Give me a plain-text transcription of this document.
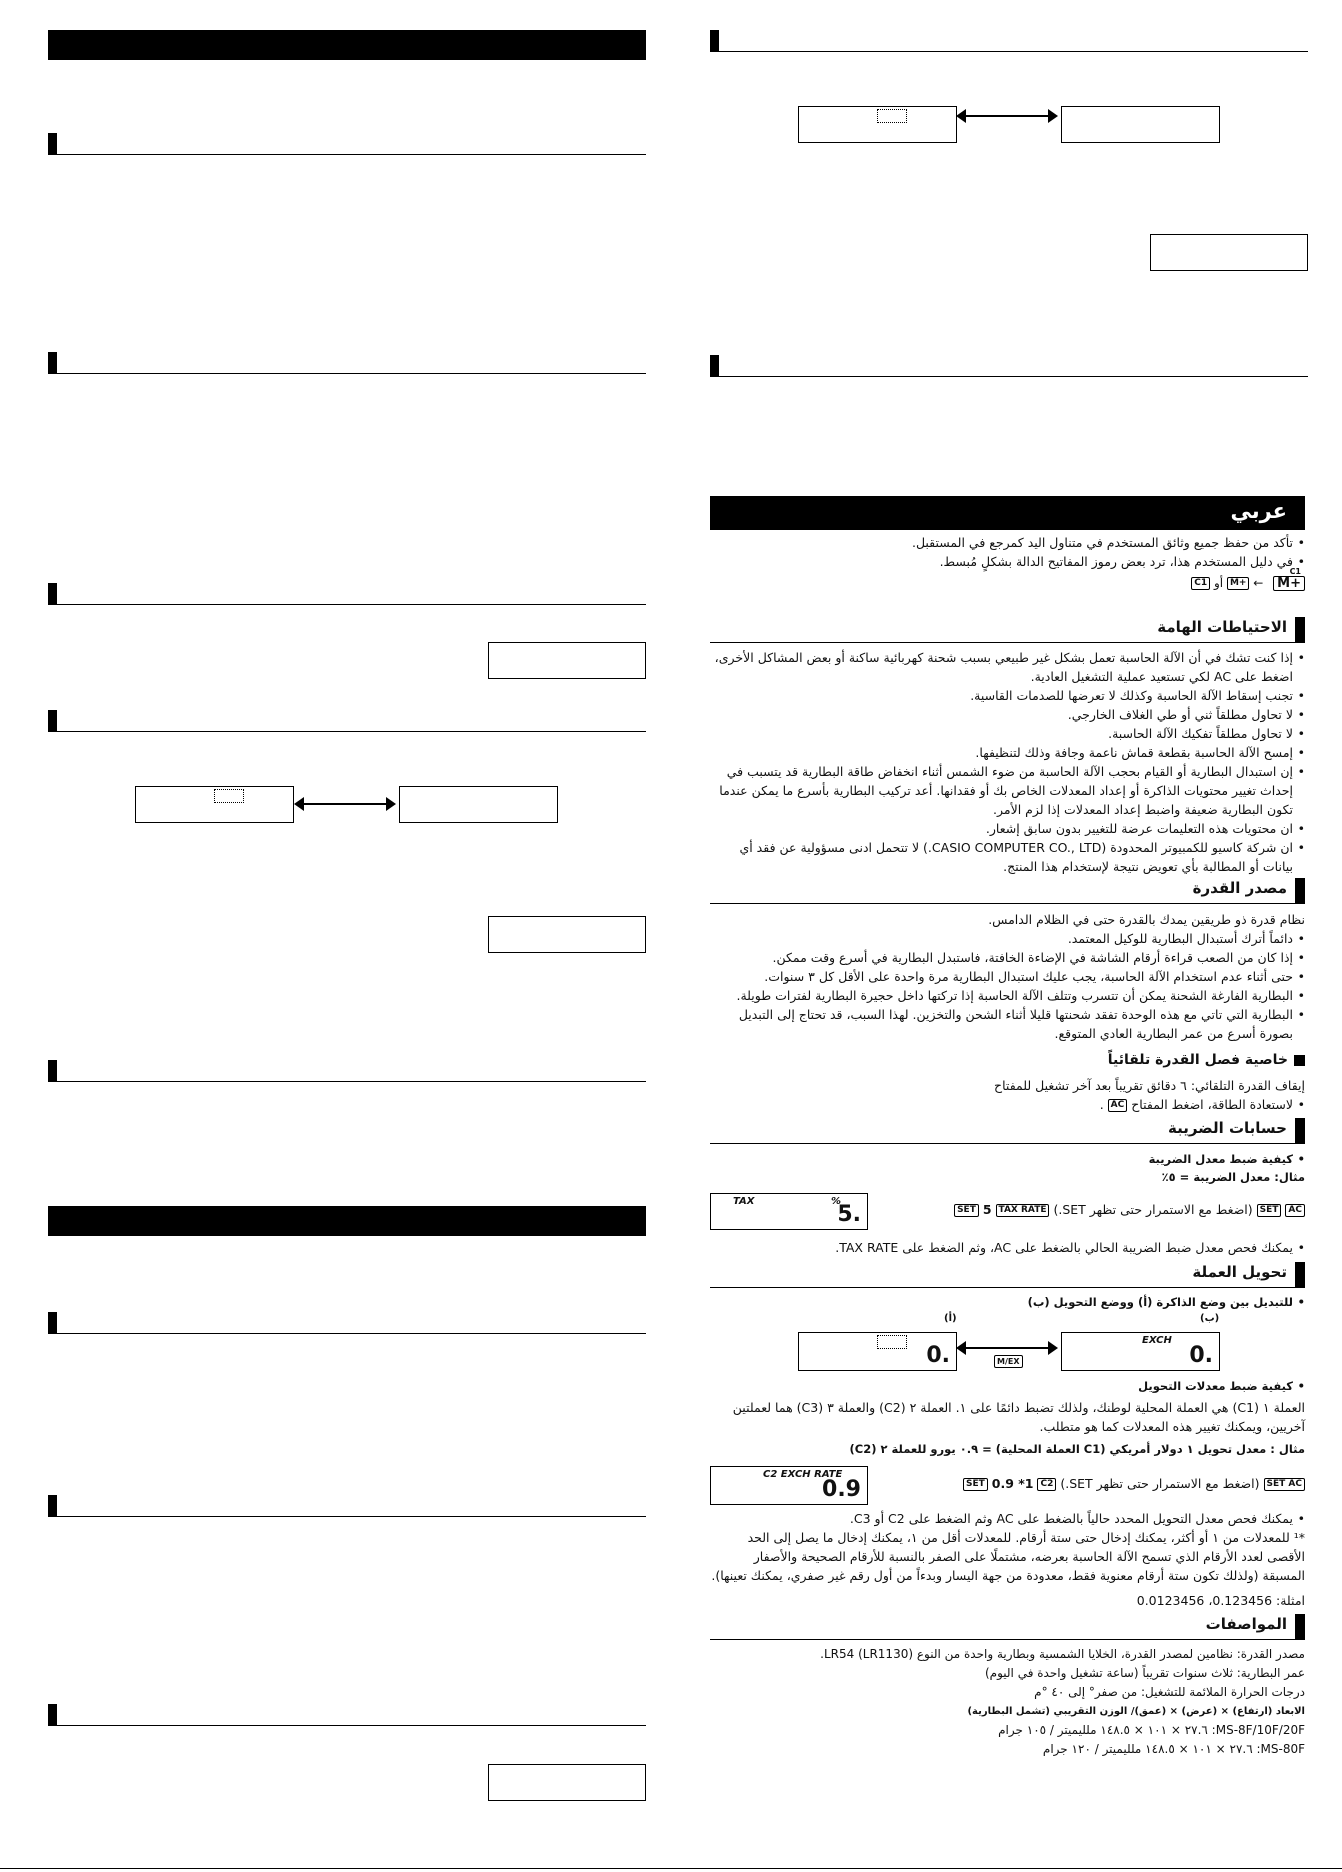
عربي
• تأكد من حفظ جميع وثائق المستخدم في متناول اليد كمرجع في المستقبل.
• في دليل المستخدم هذا، ترد بعض رموز المفاتيح الدالة بشكلٍ مُبسط.
C1
M+ ← M+ أو C1
الاحتياطات الهامة
• إذا كنت تشك في أن الآلة الحاسبة تعمل بشكل غير طبيعي بسبب شحنة كهربائية ساكنة أو بعض المشاكل الأخرى، اضغط على AC لكي تستعيد عملية التشغيل العادية.
• تجنب إسقاط الآلة الحاسبة وكذلك لا تعرضها للصدمات القاسية.
• لا تحاول مطلقاً ثني أو طي الغلاف الخارجي.
• لا تحاول مطلقاً تفكيك الآلة الحاسبة.
• إمسح الآلة الحاسبة بقطعة قماش ناعمة وجافة وذلك لتنظيفها.
• إن استبدال البطارية أو القيام بحجب الآلة الحاسبة من ضوء الشمس أثناء انخفاض طاقة البطارية قد يتسبب في إحداث تغيير محتويات الذاكرة أو إعداد المعدلات الخاص بك أو فقدانها. أعد تركيب البطارية بأسرع ما يمكن عندما تكون البطارية ضعيفة واضبط إعداد المعدلات إذا لزم الأمر.
• ان محتويات هذه التعليمات عرضة للتغيير بدون سابق إشعار.
• ان شركة كاسيو للكمبيوتر المحدودة (CASIO COMPUTER CO., LTD.) لا تتحمل ادنى مسؤولية عن فقد أي بيانات أو المطالبة بأي تعويض نتيجة لإستخدام هذا المنتج.
مصدر القدرة
نظام قدرة ذو طريقين يمدك بالقدرة حتى في الظلام الدامس.
• دائماً أترك أستبدال البطارية للوكيل المعتمد.
• إذا كان من الصعب قراءة أرقام الشاشة في الإضاءة الخافتة، فاستبدل البطارية في أسرع وقت ممكن.
• حتى أثناء عدم استخدام الآلة الحاسبة، يجب عليك استبدال البطارية مرة واحدة على الأقل كل ٣ سنوات.
• البطارية الفارغة الشحنة يمكن أن تتسرب وتتلف الآلة الحاسبة إذا تركتها داخل حجيرة البطارية لفترات طويلة.
• البطارية التي تاتي مع هذه الوحدة تفقد شحنتها قليلا أثناء الشحن والتخزين. لهذا السبب، قد تحتاج إلى التبديل بصورة أسرع من عمر البطارية العادي المتوقع.
خاصية فصل القدرة تلقائياً
إيقاف القدرة التلقائي: ٦ دقائق تقريباً بعد آخر تشغيل للمفتاح
• لاستعادة الطاقة، اضغط المفتاح AC .
حسابات الضريبة
• كيفية ضبط معدل الضريبة
مثال: معدل الضريبة = ٥٪
TAX	%
5.	AC SET (اضغط مع الاستمرار حتى تظهر SET.) TAX RATE 5 SET
• يمكنك فحص معدل ضبط الضريبة الحالي بالضغط على AC، وثم الضغط على TAX RATE.
تحويل العملة
• للتبديل بين وضع الذاكرة (أ) ووضع التحويل (ب)
(أ)	(ب)
0.	M/EX
EXCH
0.
• كيفية ضبط معدلات التحويل
العملة ١ (C1) هي العملة المحلية لوطنك، ولذلك تضبط دائمًا على ١. العملة ٢ (C2) والعملة ٣ (C3) هما لعملتين آخريين، ويمكنك تغيير هذه المعدلات كما هو متطلب.
مثال : معدل تحويل ١ دولار أمريكي (C1 العملة المحلية) = ٠.٩ يورو للعملة ٢ (C2)
C2 EXCH RATE
0.9	SET AC (اضغط مع الاستمرار حتى تظهر SET.) C2 0.9 *1 SET
• يمكنك فحص معدل التحويل المحدد حالياً بالضغط على AC وثم الضغط على C2 أو C3.
*¹ للمعدلات من ١ أو أكثر، يمكنك إدخال حتى ستة أرقام. للمعدلات أقل من ١، يمكنك إدخال ما يصل إلى الحد الأقصى لعدد الأرقام الذي تسمح الآلة الحاسبة بعرضه، مشتملًا على الصفر بالنسبة للأرقام الصحيحة والأصفار المسبقة (ولذلك تكون ستة أرقام معنوية فقط، معدودة من جهة اليسار وبدءاً من أول رقم غير صفري، يمكنك تعينها).
امثلة: 0.123456، 0.0123456
المواصفات
مصدر القدرة: نظامين لمصدر القدرة، الخلايا الشمسية وبطارية واحدة من النوع LR54 (LR1130).
عمر البطارية: ثلاث سنوات تقريباً (ساعة تشغيل واحدة في اليوم)
درجات الحرارة الملائمة للتشغيل: من صفر° إلى ٤٠ °م
الابعاد (ارتفاع) × (عرض) × (عمق)/ الوزن التقريبي (تشمل البطارية)
MS-8F/10F/20F: ٢٧.٦ × ١٠١ × ١٤٨.٥ ملليميتر / ١٠٥ جرام
MS-80F: ٢٧.٦ × ١٠١ × ١٤٨.٥ ملليميتر / ١٢٠ جرام
